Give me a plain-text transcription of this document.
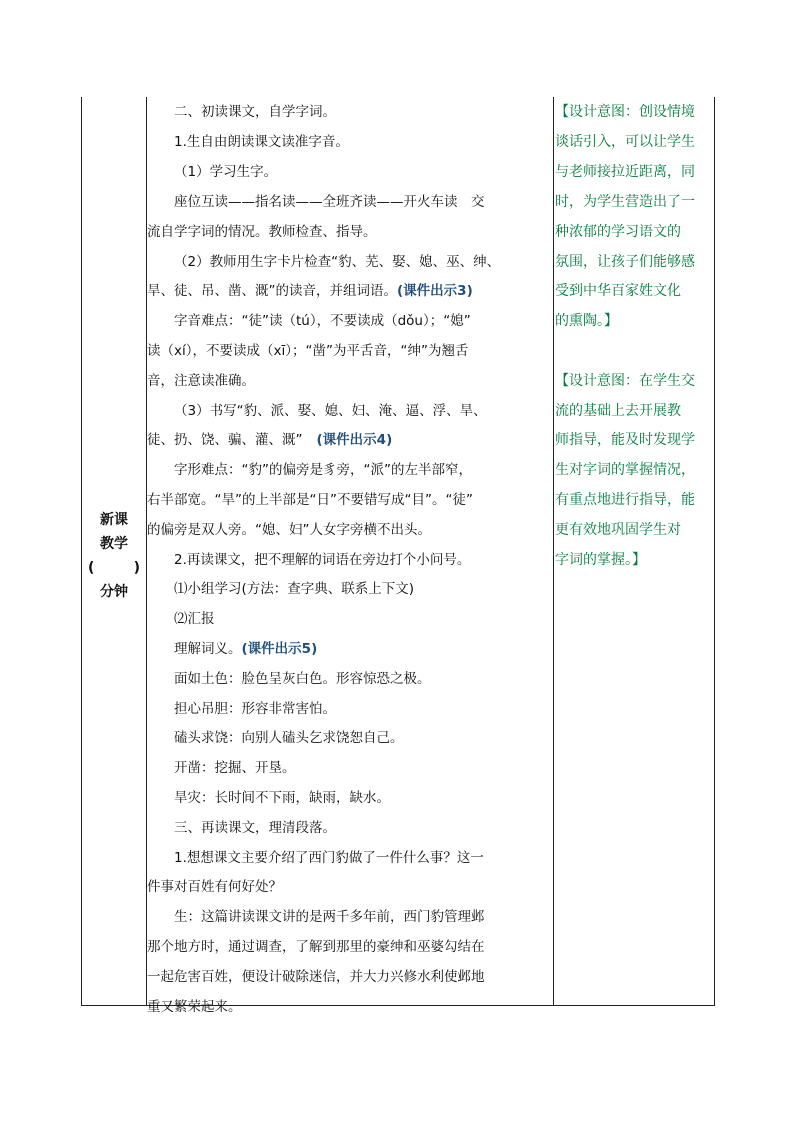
新课
教学
(	)
分钟
二、初读课文，自学字词。
1.生自由朗读课文读准字音。
（1）学习生字。
座位互读——指名读——全班齐读——开火车读　交
流自学字词的情况。教师检查、指导。
（2）教师用生字卡片检查“豹、芜、娶、媳、巫、绅、
旱、徒、吊、凿、溉”的读音，并组词语。(课件出示3)
字音难点：“徒”读（tú），不要读成（dǒu）；“媳”
读（xí），不要读成（xī）；“凿”为平舌音，“绅”为翘舌
音，注意读准确。
（3）书写“豹、派、娶、媳、妇、淹、逼、浮、旱、
徒、扔、饶、骗、灌、溉” (课件出示4)
字形难点：“豹”的偏旁是豸旁，“派”的左半部窄，
右半部宽。“旱”的上半部是“日”不要错写成“目”。“徒”
的偏旁是双人旁。“媳、妇”人女字旁横不出头。
2.再读课文，把不理解的词语在旁边打个小问号。
⑴小组学习(方法：查字典、联系上下文)
⑵汇报
理解词义。(课件出示5)
面如土色：脸色呈灰白色。形容惊恐之极。
担心吊胆：形容非常害怕。
磕头求饶：向别人磕头乞求饶恕自己。
开凿：挖掘、开垦。
旱灾：长时间不下雨，缺雨，缺水。
三、再读课文，理清段落。
1.想想课文主要介绍了西门豹做了一件什么事？这一
件事对百姓有何好处？
生：这篇讲读课文讲的是两千多年前，西门豹管理邺
那个地方时，通过调查，了解到那里的豪绅和巫婆勾结在
一起危害百姓，便设计破除迷信，并大力兴修水利使邺地
重又繁荣起来。
【设计意图：创设情境
谈话引入，可以让学生
与老师接拉近距离，同
时，为学生营造出了一
种浓郁的学习语文的
氛围，让孩子们能够感
受到中华百家姓文化
的熏陶。】
【设计意图：在学生交
流的基础上去开展教
师指导，能及时发现学
生对字词的掌握情况，
有重点地进行指导，能
更有效地巩固学生对
字词的掌握。】
